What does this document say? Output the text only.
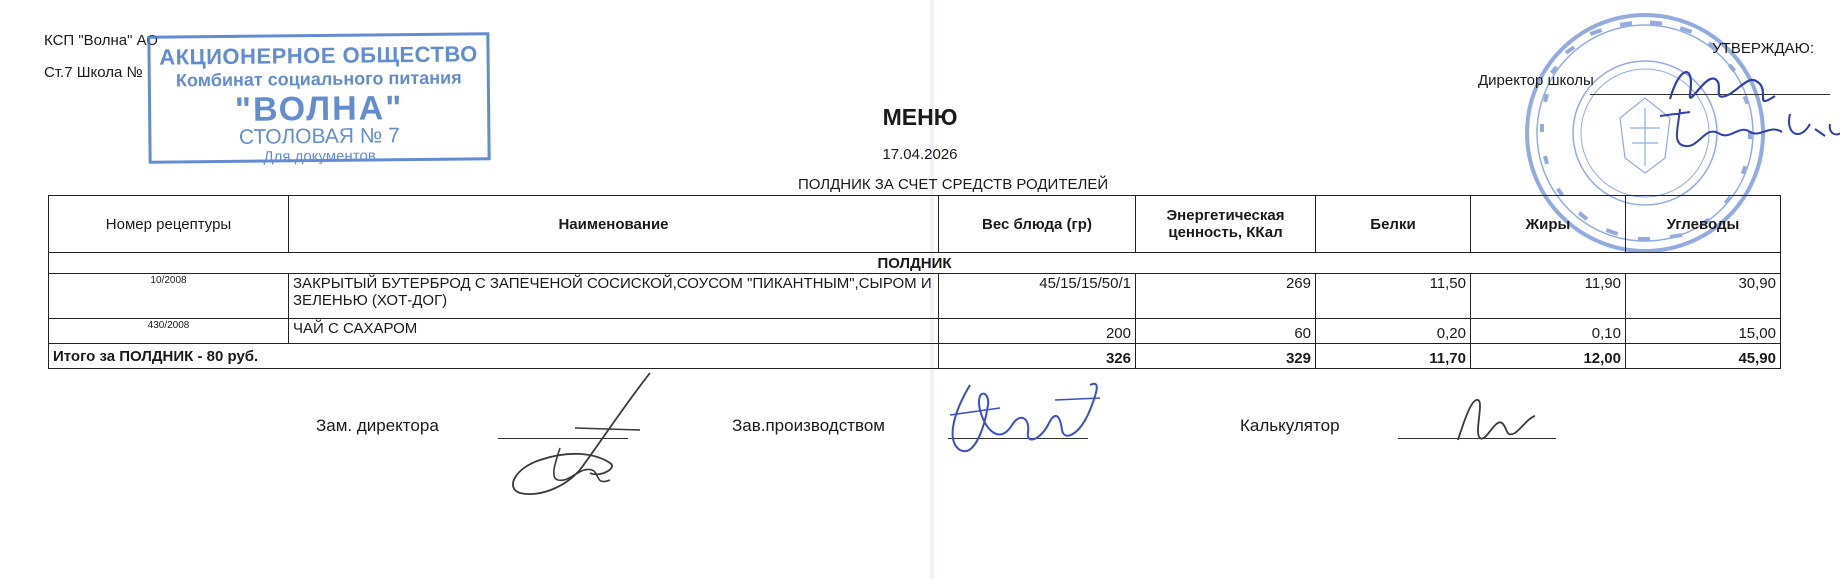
КСП "Волна" АО
Ст.7 Школа №
АКЦИОНЕРНОЕ ОБЩЕСТВО
Комбинат социального питания
"ВОЛНА"
СТОЛОВАЯ № 7
Для документов
УТВЕРЖДАЮ:
Директор школы
МЕНЮ
17.04.2026
ПОЛДНИК ЗА СЧЕТ СРЕДСТВ РОДИТЕЛЕЙ
Номер рецептуры	Наименование	Вес блюда (гр)	Энергетическая ценность, ККал	Белки	Жиры	Углеводы
ПОЛДНИК						
10/2008	ЗАКРЫТЫЙ БУТЕРБРОД С ЗАПЕЧЕНОЙ СОСИСКОЙ,СОУСОМ "ПИКАНТНЫМ",СЫРОМ И ЗЕЛЕНЬЮ (ХОТ-ДОГ)	45/15/15/50/1	269	11,50	11,90	30,90
430/2008	ЧАЙ С САХАРОМ	200	60	0,20	0,10	15,00
Итого за ПОЛДНИК - 80 руб.		326	329	11,70	12,00	45,90
Зам. директора	Зав.производством	Калькулятор
